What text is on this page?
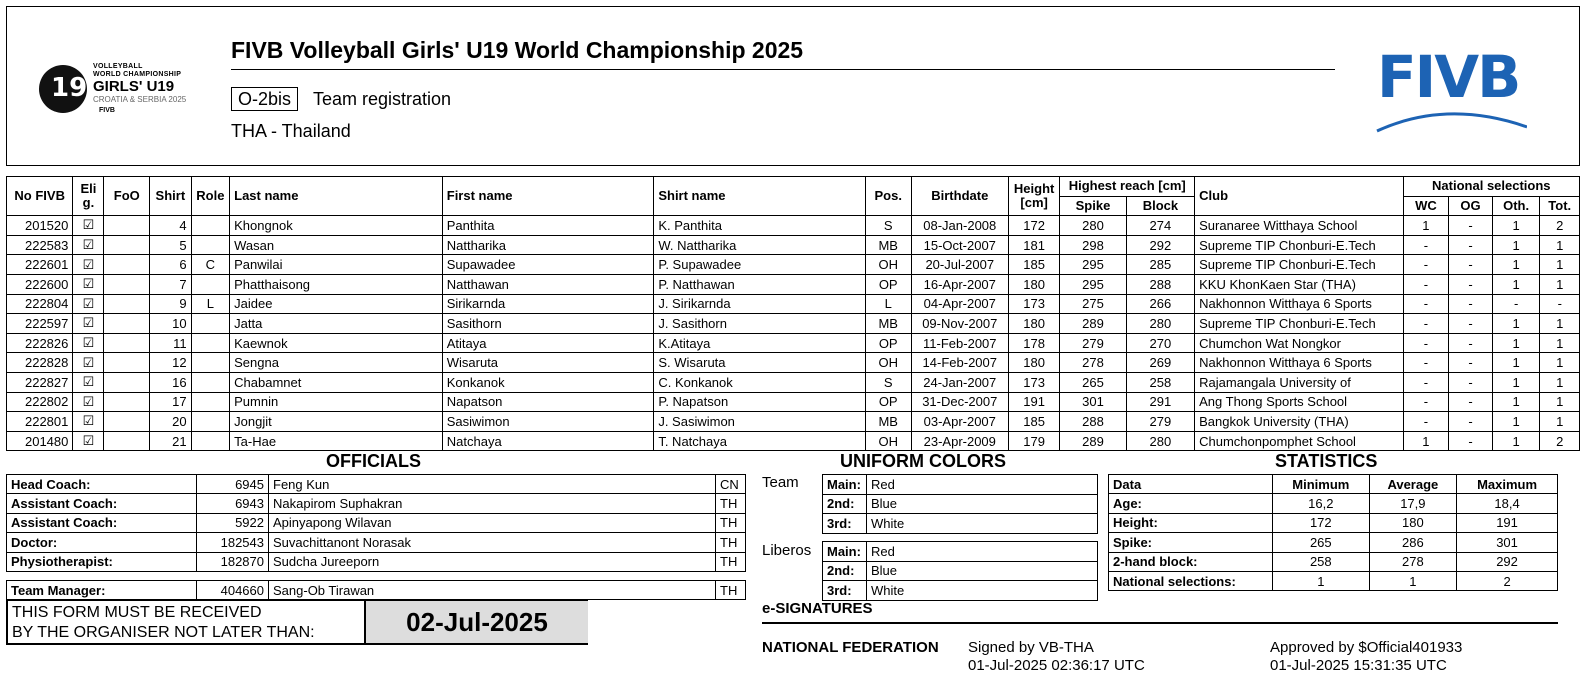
19
VOLLEYBALL
WORLD CHAMPIONSHIP
GIRLS' U19
CROATIA & SERBIA 2025
FIVB
FIVB Volleyball Girls' U19 World Championship 2025
O-2bis	Team registration
THA - Thailand
FIVB
No FIVB	Eli g.	FoO	Shirt	Role	Last name	First name	Shirt name	Pos.	Birthdate	Height [cm]	Highest reach [cm]		Club	National selections			
											Spike	Block		WC	OG	Oth.	Tot.
201520	☑		4		Khongnok	Panthita	K. Panthita	S	08-Jan-2008	172	280	274	Suranaree Witthaya School	1	-	1	2
222583	☑		5		Wasan	Nattharika	W. Nattharika	MB	15-Oct-2007	181	298	292	Supreme TIP Chonburi-E.Tech	-	-	1	1
222601	☑		6	C	Panwilai	Supawadee	P. Supawadee	OH	20-Jul-2007	185	295	285	Supreme TIP Chonburi-E.Tech	-	-	1	1
222600	☑		7		Phatthaisong	Natthawan	P. Natthawan	OP	16-Apr-2007	180	295	288	KKU KhonKaen Star (THA)	-	-	1	1
222804	☑		9	L	Jaidee	Sirikarnda	J. Sirikarnda	L	04-Apr-2007	173	275	266	Nakhonnon Witthaya 6 Sports	-	-	-	-
222597	☑		10		Jatta	Sasithorn	J. Sasithorn	MB	09-Nov-2007	180	289	280	Supreme TIP Chonburi-E.Tech	-	-	1	1
222826	☑		11		Kaewnok	Atitaya	K.Atitaya	OP	11-Feb-2007	178	279	270	Chumchon Wat Nongkor	-	-	1	1
222828	☑		12		Sengna	Wisaruta	S. Wisaruta	OH	14-Feb-2007	180	278	269	Nakhonnon Witthaya 6 Sports	-	-	1	1
222827	☑		16		Chabamnet	Konkanok	C. Konkanok	S	24-Jan-2007	173	265	258	Rajamangala University of	-	-	1	1
222802	☑		17		Pumnin	Napatson	P. Napatson	OP	31-Dec-2007	191	301	291	Ang Thong Sports School	-	-	1	1
222801	☑		20		Jongjit	Sasiwimon	J. Sasiwimon	MB	03-Apr-2007	185	288	279	Bangkok University (THA)	-	-	1	1
201480	☑		21		Ta-Hae	Natchaya	T. Natchaya	OH	23-Apr-2009	179	289	280	Chumchonpomphet School	1	-	1	2
OFFICIALS
Head Coach:	6945	Feng Kun	CN
Assistant Coach:	6943	Nakapirom Suphakran	TH
Assistant Coach:	5922	Apinyapong Wilavan	TH
Doctor:	182543	Suvachittanont Norasak	TH
Physiotherapist:	182870	Sudcha Jureeporn	TH
Team Manager:	404660	Sang-Ob Tirawan	TH
THIS FORM MUST BE RECEIVED
BY THE ORGANISER NOT LATER THAN:	02-Jul-2025
UNIFORM COLORS
Team Main:	Red
2nd:	Blue
3rd:	White
Liberos Main:	Red
2nd:	Blue
3rd:	White
STATISTICS
Data	Minimum	Average	Maximum
Age:	16,2	17,9	18,4
Height:	172	180	191
Spike:	265	286	301
2-hand block:	258	278	292
National selections:	1	1	2
e-SIGNATURES
NATIONAL FEDERATION Signed by VB-THA
01-Jul-2025 02:36:17 UTC
Approved by $Official401933
01-Jul-2025 15:31:35 UTC
